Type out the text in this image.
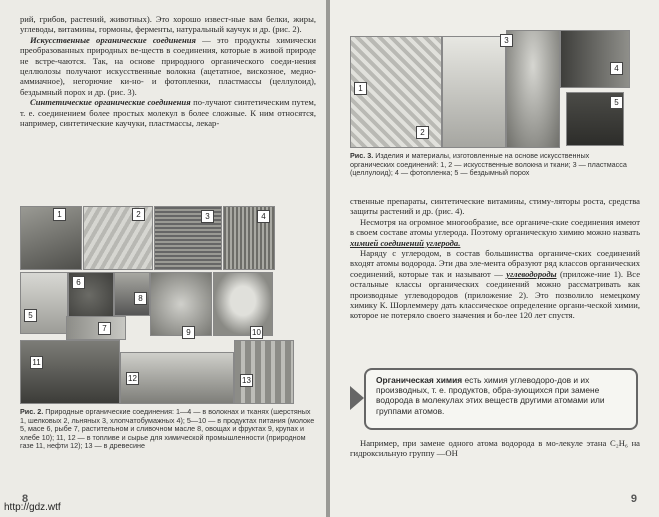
рий, грибов, растений, животных). Это хорошо извест-ные вам белки, жиры, углеводы, витамины, гормоны, ферменты, натуральный каучук и др. (рис. 2).

Искусственные органические соединения — это продукты химически преобразованных природных ве-ществ в соединения, которые в живой природе не встре-чаются. Так, на основе природного органического соеди-нения целлюлозы получают искусственные волокна (ацетатное, вискозное, медно-аммиачное), негорючие ки-но- и фотопленки, пластмассы (целлулоид), бездымный порох и др. (рис. 3).

Синтетические органические соединения по-лучают синтетическим путем, т. е. соединением более простых молекул в более сложные. К ним относятся, например, синтетические каучуки, пластмассы, лекар-

1	2	3	4
5
6
7
8
9	10
11
12	13
Рис. 2. Природные органические соединения: 1—4 — в волокнах и тканях (шерстяных 1, шелковых 2, льняных 3, хлопчатобумажных 4); 5—10 — в продуктах питания (молоке 5, масе 6, рыбе 7, растительном и сливочном масле 8, овощах и фруктах 9, крупах и хлебе 10); 11, 12 — в топливе и сырье для химической промышленности (природном газе 11, нефти 12); 13 — в древесине
8
1
2
3
4
5
Рис. 3. Изделия и материалы, изготовленные на основе искусственных органических соединений: 1, 2 — искусственные волокна и ткани; 3 — пластмасса (целлулоид); 4 — фотопленка; 5 — бездымный порох

ственные препараты, синтетические витамины, стиму-ляторы роста, средства защиты растений и др. (рис. 4).

Несмотря на огромное многообразие, все органиче-ские соединения имеют в своем составе атомы углерода. Поэтому органическую химию можно назвать химией соединений углерода.

Наряду с углеродом, в состав большинства органиче-ских соединений входят атомы водорода. Эти два эле-мента образуют ряд классов органических соединений, которые так и называют — углеводороды (приложе-ние 1). Все остальные классы органических соединений можно рассматривать как производные углеводородов (приложение 2). Это позволило немецкому химику К. Шорлеммеру дать классическое определение органи-ческой химии, которое не потеряло своего значения и бо-лее 120 лет спустя.

Органическая химия есть химия углеводоро-дов и их производных, т. е. продуктов, обра-зующихся при замене водорода в молекулах этих веществ другими атомами или группами атомов.

Например, при замене одного атома водорода в мо-лекуле этана C₂H₆ на гидроксильную группу —OH

9
http://gdz.wtf
